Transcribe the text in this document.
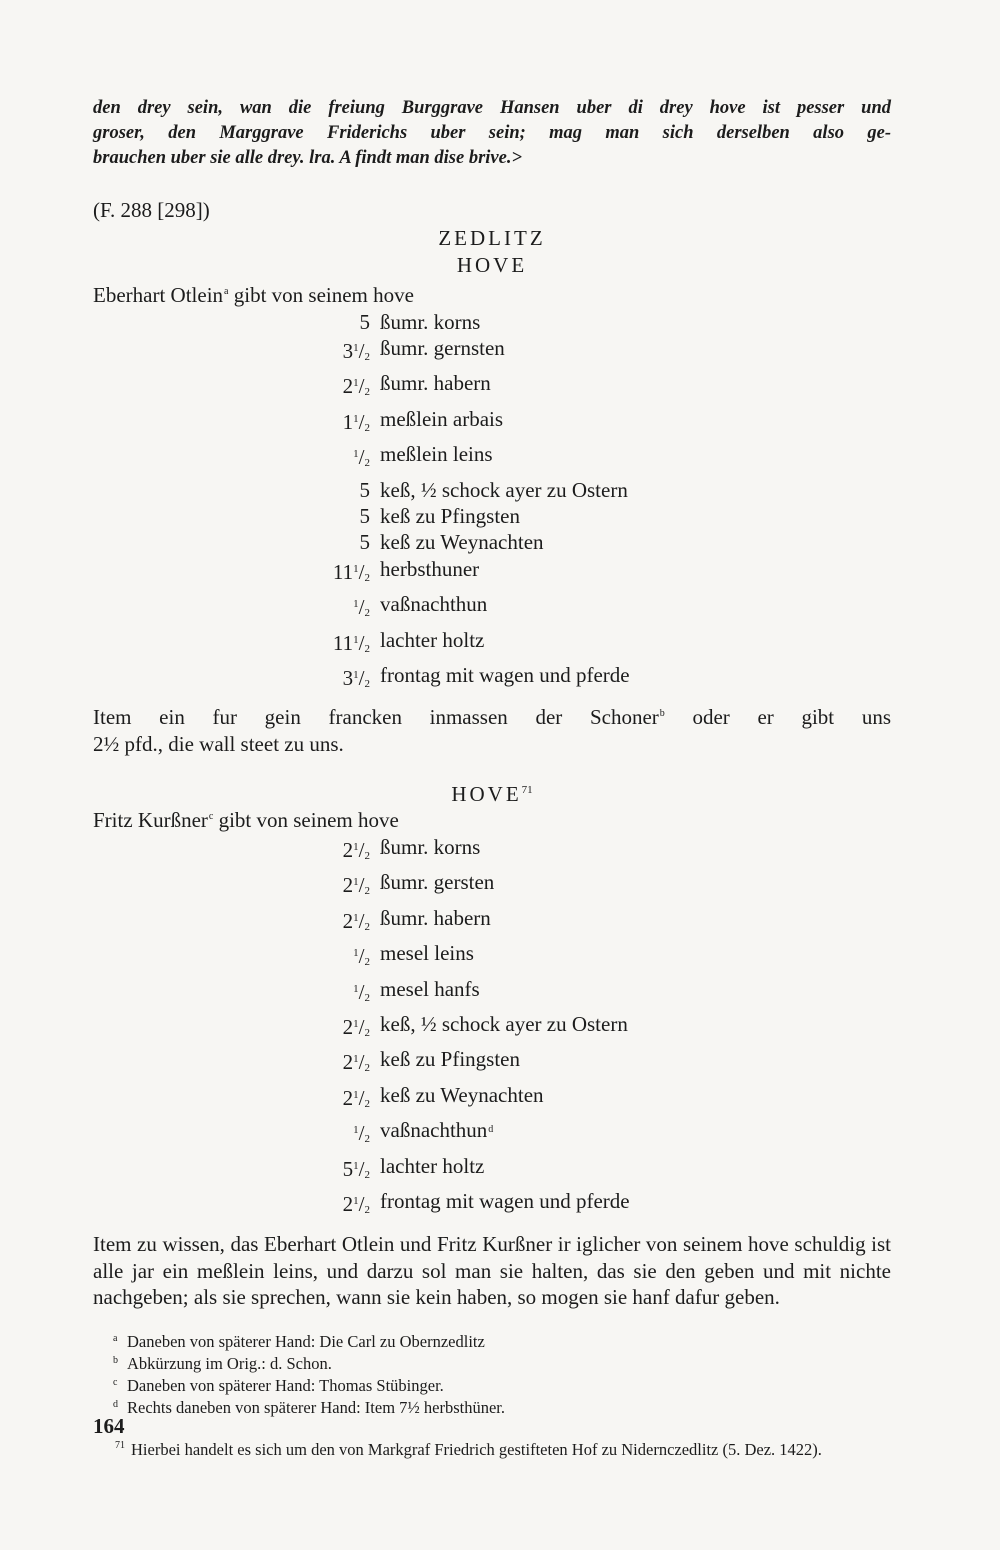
den drey sein, wan die freiung Burggrave Hansen uber di drey hove ist pesser und
groser, den Marggrave Friderichs uber sein; mag man sich derselben also ge-
brauchen uber sie alle drey. lra. A findt man dise brive.>
(F. 288 [298])
ZEDLITZ
HOVE
Eberhart Otlein$^a$ gibt von seinem hove
5 ßumr. korns
$3^1/_2$ ßumr. gernsten
$2^1/_2$ ßumr. habern
$1^1/_2$ meßlein arbais
$^1/_2$ meßlein leins
5 keß, ½ schock ayer zu Ostern
5 keß zu Pfingsten
5 keß zu Weynachten
$11^1/_2$ herbsthuner
$^1/_2$ vaßnachthun
$11^1/_2$ lachter holtz
$3^1/_2$ frontag mit wagen und pferde
Item ein fur gein francken inmassen der Schoner$^b$ oder er gibt uns
2½ pfd., die wall steet zu uns.
HOVE$^{71}$
Fritz Kurßner$^c$ gibt von seinem hove
$2^1/_2$ ßumr. korns
$2^1/_2$ ßumr. gersten
$2^1/_2$ ßumr. habern
$^1/_2$ mesel leins
$^1/_2$ mesel hanfs
$2^1/_2$ keß, ½ schock ayer zu Ostern
$2^1/_2$ keß zu Pfingsten
$2^1/_2$ keß zu Weynachten
$^1/_2$ vaßnachthun d
$5^1/_2$ lachter holtz
$2^1/_2$ frontag mit wagen und pferde
Item zu wissen, das Eberhart Otlein und Fritz Kurßner ir iglicher von seinem hove schuldig ist alle jar ein meßlein leins, und darzu sol man sie halten, das sie den geben und mit nichte nachgeben; als sie sprechen, wann sie kein haben, so mogen sie hanf dafur geben.
a Daneben von späterer Hand: Die Carl zu Obernzedlitz
b Abkürzung im Orig.: d. Schon.
c Daneben von späterer Hand: Thomas Stübinger.
d Rechts daneben von späterer Hand: Item 7½ herbsthüner.
$^{71}$ Hierbei handelt es sich um den von Markgraf Friedrich gestifteten Hof zu Nidernczedlitz (5. Dez. 1422).
164
